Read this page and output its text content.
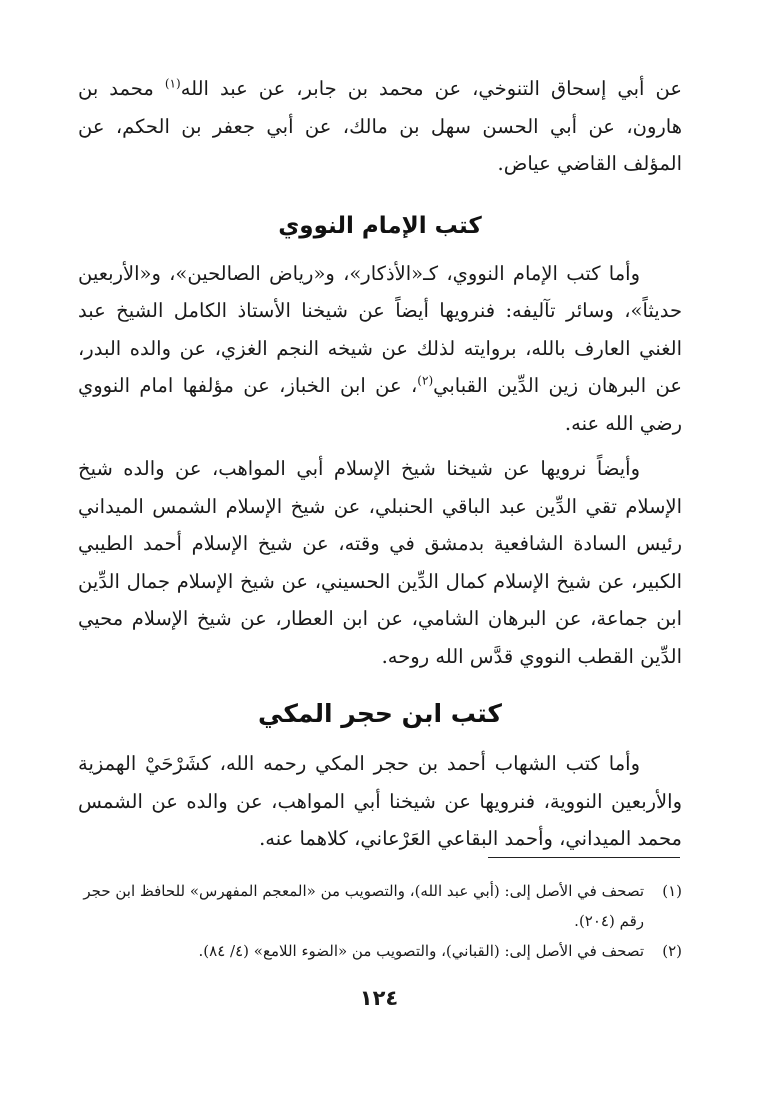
عن أبي إسحاق التنوخي، عن محمد بن جابر، عن عبد الله$^{(١)}$ محمد بن هارون، عن أبي الحسن سهل بن مالك، عن أبي جعفر بن الحكم، عن المؤلف القاضي عياض.

كتب الإمام النووي

وأما كتب الإمام النووي، كـ«الأذكار»، و«رياض الصالحين»، و«الأربعين حديثاً»، وسائر تآليفه: فنرويها أيضاً عن شيخنا الأستاذ الكامل الشيخ عبد الغني العارف بالله، بروايته لذلك عن شيخه النجم الغزي، عن والده البدر، عن البرهان زين الدِّين القبابي$^{(٢)}$، عن ابن الخباز، عن مؤلفها امام النووي رضي الله عنه.

وأيضاً نرويها عن شيخنا شيخ الإسلام أبي المواهب، عن والده شيخ الإسلام تقي الدِّين عبد الباقي الحنبلي، عن شيخ الإسلام الشمس الميداني رئيس السادة الشافعية بدمشق في وقته، عن شيخ الإسلام أحمد الطيبي الكبير، عن شيخ الإسلام كمال الدِّين الحسيني، عن شيخ الإسلام جمال الدِّين ابن جماعة، عن البرهان الشامي، عن ابن العطار، عن شيخ الإسلام محيي الدِّين القطب النووي قدَّس الله روحه.

كتب ابن حجر المكي

وأما كتب الشهاب أحمد بن حجر المكي رحمه الله، كشَرْحَيْ الهمزية والأربعين النووية، فنرويها عن شيخنا أبي المواهب، عن والده عن الشمس محمد الميداني، وأحمد البقاعي العَرْعاني، كلاهما عنه.

(١)
تصحف في الأصل إلى: (أبي عبد الله)، والتصويب من «المعجم المفهرس» للحافظ ابن حجر رقم (٢٠٤).
(٢)
تصحف في الأصل إلى: (القباني)، والتصويب من «الضوء اللامع» (٤/ ٨٤).
١٢٤
